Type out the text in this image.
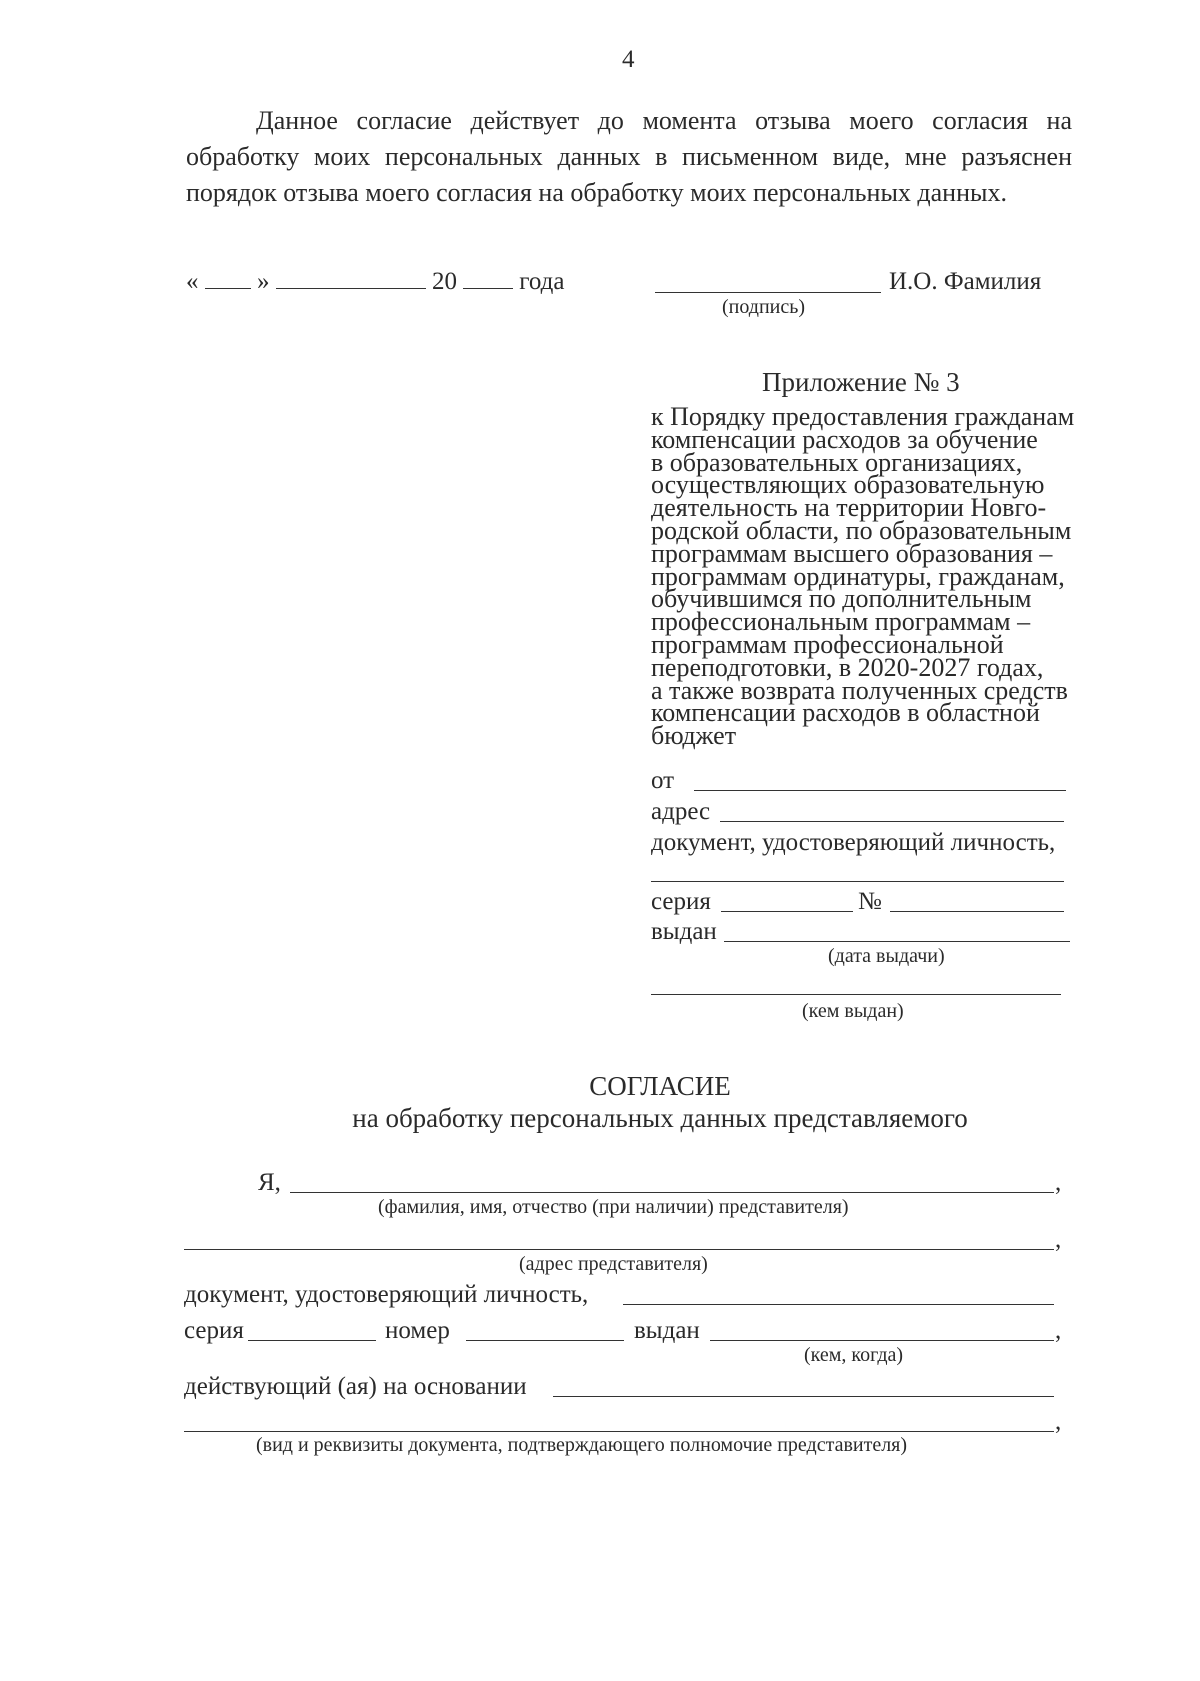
4

Данное согласие действует до момента отзыва моего согласия на

обработку моих персональных данных в письменном виде, мне разъяснен

порядок отзыва моего согласия на обработку моих персональных данных.

« »	20 года	И.О. Фамилия
(подпись)
Приложение № 3

к Порядку предоставления гражданам

компенсации расходов за обучение

в образовательных организациях,

осуществляющих образовательную

деятельность на территории Новго-

родской области, по образовательным

программам высшего образования –

программам ординатуры, гражданам,

обучившимся по дополнительным

профессиональным программам –

программам профессиональной

переподготовки, в 2020-2027 годах,

а также возврата полученных средств

компенсации расходов в областной

бюджет

от
адрес
документ, удостоверяющий личность,
серия	№
выдан
(дата выдачи)
(кем выдан)
СОГЛАСИЕ
на обработку персональных данных представляемого
Я,	,
(фамилия, имя, отчество (при наличии) представителя)
,
(адрес представителя)
документ, удостоверяющий личность,
серия	номер	выдан	,
(кем, когда)
действующий (ая) на основании
,
(вид и реквизиты документа, подтверждающего полномочие представителя)
